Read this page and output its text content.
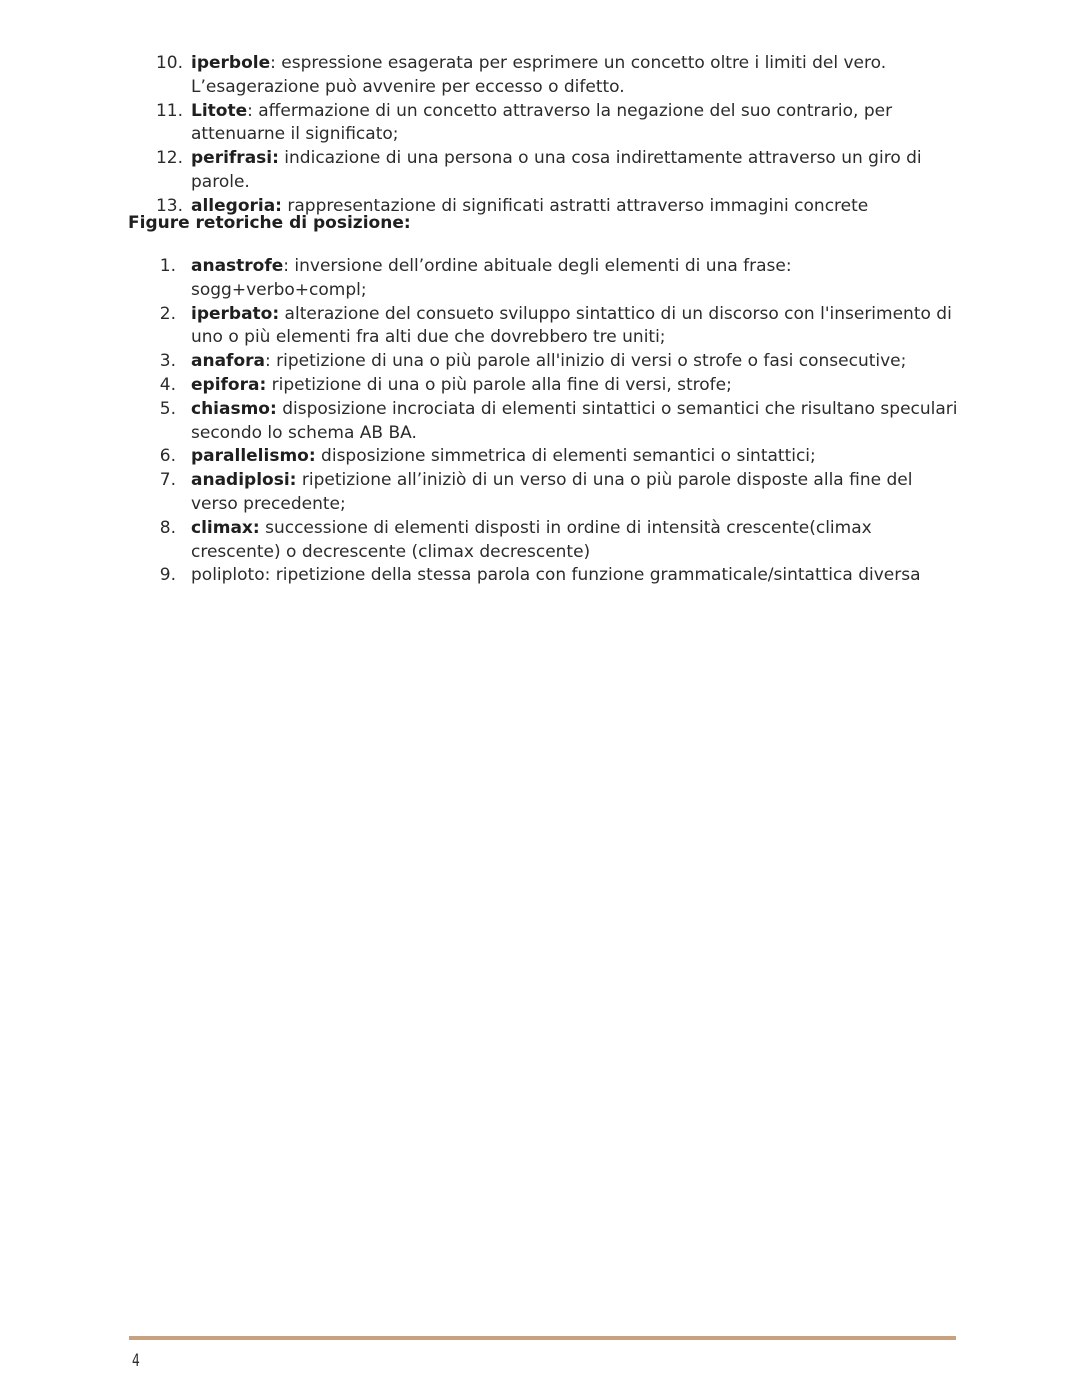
10. iperbole: espressione esagerata per esprimere un concetto oltre i limiti del vero. L’esagerazione può avvenire per eccesso o difetto.
11. Litote: affermazione di un concetto attraverso la negazione del suo contrario, per attenuarne il significato;
12. perifrasi: indicazione di una persona o una cosa indirettamente attraverso un giro di parole.
13. allegoria: rappresentazione di significati astratti attraverso immagini concrete
Figure retoriche di posizione:
1. anastrofe: inversione dell’ordine abituale degli elementi di una frase: sogg+verbo+compl;
2. iperbato: alterazione del consueto sviluppo sintattico di un discorso con l'inserimento di uno o più elementi fra alti due che dovrebbero tre uniti;
3. anafora: ripetizione di una o più parole all'inizio di versi o strofe o fasi consecutive;
4. epifora: ripetizione di una o più parole alla fine di versi, strofe;
5. chiasmo: disposizione incrociata di elementi sintattici o semantici che risultano speculari secondo lo schema AB BA.
6. parallelismo: disposizione simmetrica di elementi semantici o sintattici;
7. anadiplosi: ripetizione all’iniziò di un verso di una o più parole disposte alla fine del verso precedente;
8. climax: successione di elementi disposti in ordine di intensità crescente(climax crescente) o decrescente (climax decrescente)
9. poliploto: ripetizione della stessa parola con funzione grammaticale/sintattica diversa
4
